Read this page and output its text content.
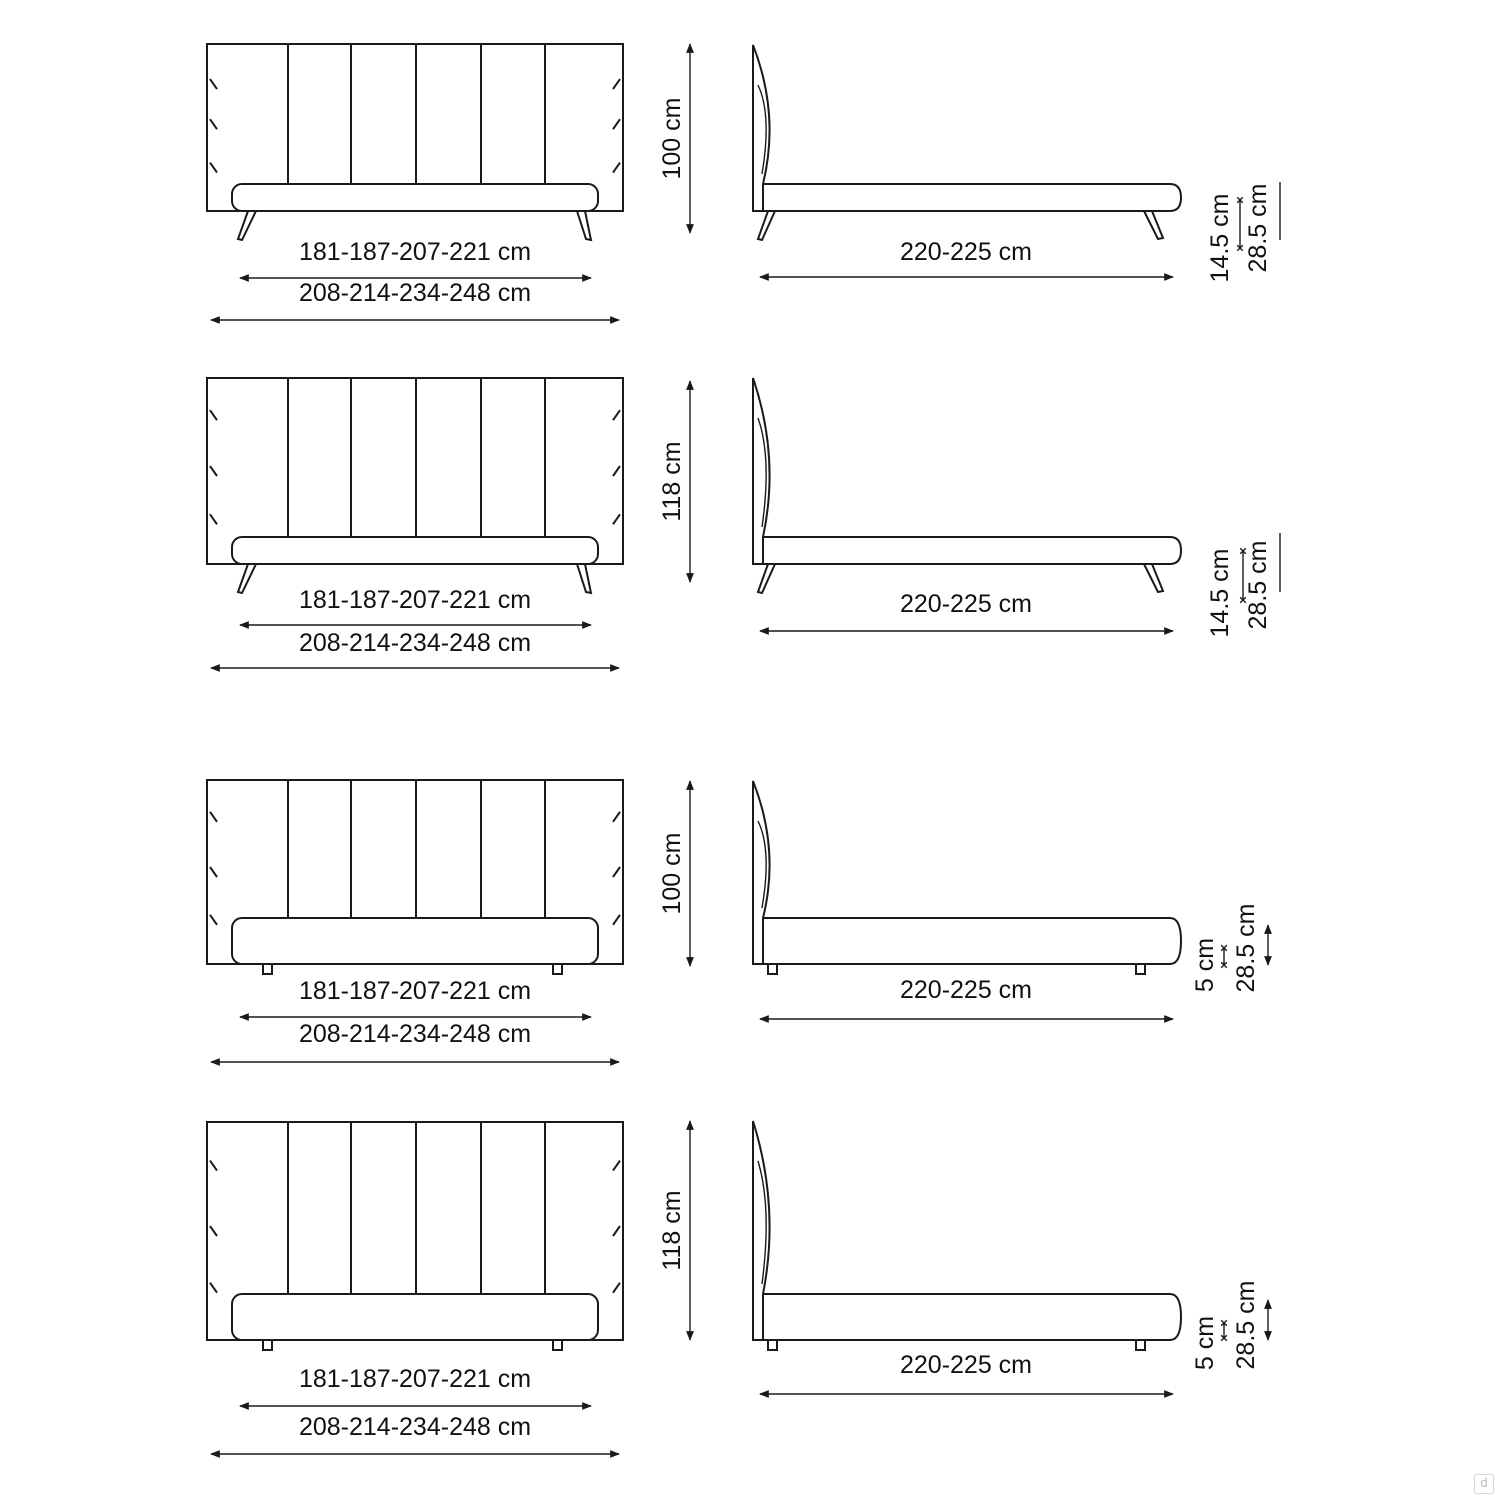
181-187-207-221 cm
208-214-234-248 cm
100 cm
220-225 cm	14.5 cm 28.5 cm
181-187-207-221 cm
208-214-234-248 cm
118 cm
220-225 cm	14.5 cm 28.5 cm
181-187-207-221 cm
208-214-234-248 cm
100 cm
220-225 cm	5 cm 28.5 cm
181-187-207-221 cm
208-214-234-248 cm
118 cm
220-225 cm	5 cm 28.5 cm
d
